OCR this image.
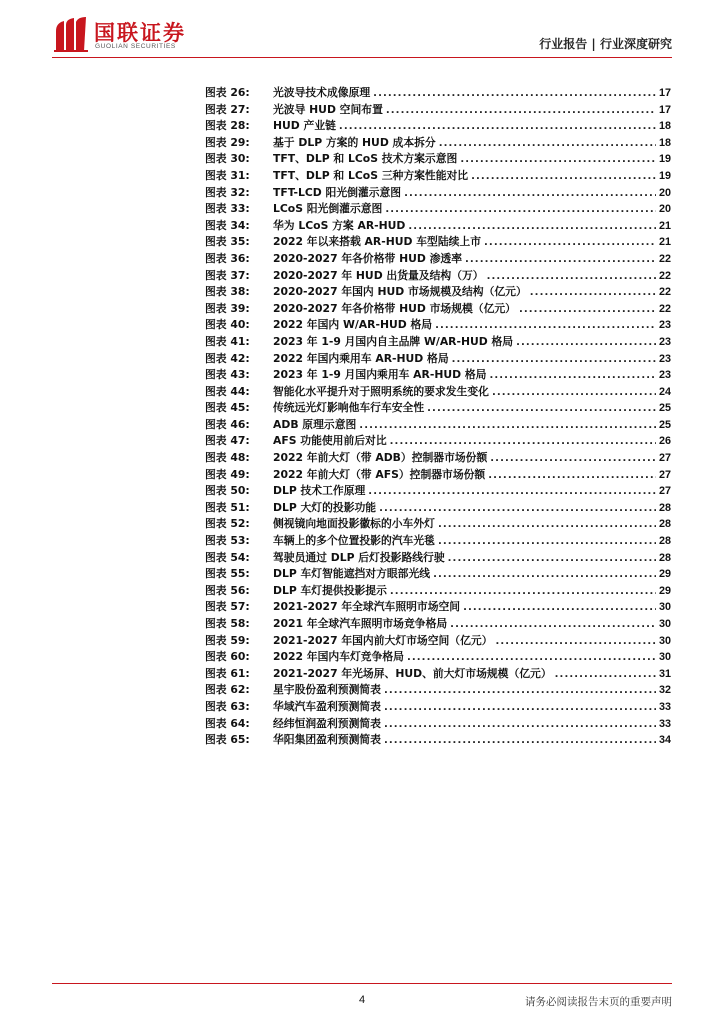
国联证券
GUOLIAN SECURITIES	行业报告 | 行业深度研究
图表 26:	光波导技术成像原理 .....	17
图表 27:	光波导 HUD 空间布置 .....	17
图表 28:	HUD 产业链 .....	18
图表 29:	基于 DLP 方案的 HUD 成本拆分 .....	18
图表 30:	TFT、DLP 和 LCoS 技术方案示意图 .....	19
图表 31:	TFT、DLP 和 LCoS 三种方案性能对比 .....	19
图表 32:	TFT-LCD 阳光倒灌示意图 .....	20
图表 33:	LCoS 阳光倒灌示意图 .....	20
图表 34:	华为 LCoS 方案 AR-HUD .....	21
图表 35:	2022 年以来搭载 AR-HUD 车型陆续上市 .....	21
图表 36:	2020-2027 年各价格带 HUD 渗透率 .....	22
图表 37:	2020-2027 年 HUD 出货量及结构（万） .....	22
图表 38:	2020-2027 年国内 HUD 市场规模及结构（亿元） .....	22
图表 39:	2020-2027 年各价格带 HUD 市场规模（亿元） .....	22
图表 40:	2022 年国内 W/AR-HUD 格局 .....	23
图表 41:	2023 年 1-9 月国内自主品牌 W/AR-HUD 格局 .....	23
图表 42:	2022 年国内乘用车 AR-HUD 格局 .....	23
图表 43:	2023 年 1-9 月国内乘用车 AR-HUD 格局 .....	23
图表 44:	智能化水平提升对于照明系统的要求发生变化 .....	24
图表 45:	传统远光灯影响他车行车安全性 .....	25
图表 46:	ADB 原理示意图 .....	25
图表 47:	AFS 功能使用前后对比 .....	26
图表 48:	2022 年前大灯（带 ADB）控制器市场份额 .....	27
图表 49:	2022 年前大灯（带 AFS）控制器市场份额 .....	27
图表 50:	DLP 技术工作原理 .....	27
图表 51:	DLP 大灯的投影功能 .....	28
图表 52:	侧视镜向地面投影徽标的小车外灯 .....	28
图表 53:	车辆上的多个位置投影的汽车光毯 .....	28
图表 54:	驾驶员通过 DLP 后灯投影路线行驶 .....	28
图表 55:	DLP 车灯智能遮挡对方眼部光线 .....	29
图表 56:	DLP 车灯提供投影提示 .....	29
图表 57:	2021-2027 年全球汽车照明市场空间 .....	30
图表 58:	2021 年全球汽车照明市场竞争格局 .....	30
图表 59:	2021-2027 年国内前大灯市场空间（亿元） .....	30
图表 60:	2022 年国内车灯竞争格局 .....	30
图表 61:	2021-2027 年光场屏、HUD、前大灯市场规模（亿元） .....	31
图表 62:	星宇股份盈利预测简表 .....	32
图表 63:	华域汽车盈利预测简表 .....	33
图表 64:	经纬恒润盈利预测简表 .....	33
图表 65:	华阳集团盈利预测简表 .....	34
4	请务必阅读报告末页的重要声明
